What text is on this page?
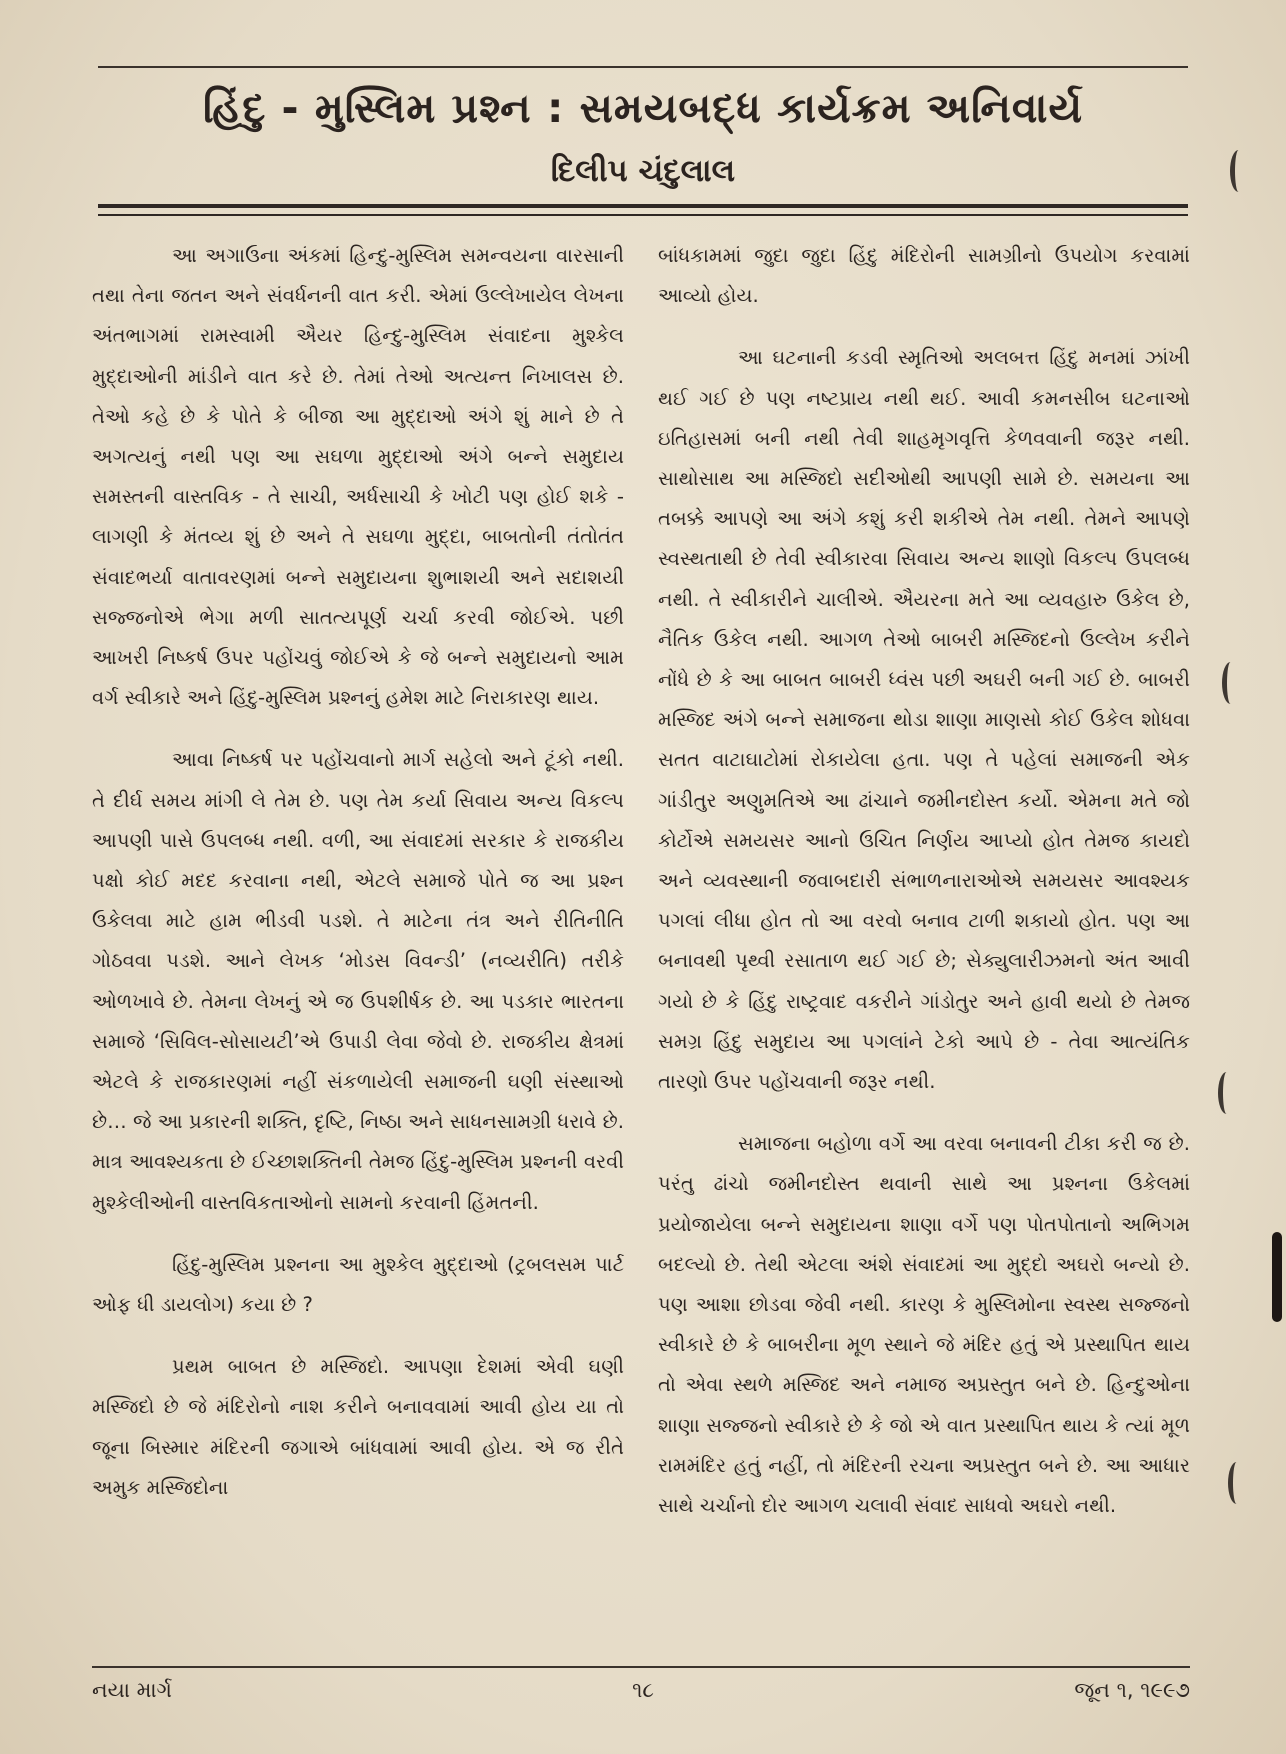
હિંદુ - મુસ્લિમ પ્રશ્ન : સમયબદ્ધ કાર્યક્રમ અનિવાર્ય
દિલીપ ચંદુલાલ

આ અગાઉના અંકમાં હિન્દુ-મુસ્લિમ સમન્વયના વારસાની તથા તેના જતન અને સંવર્ધનની વાત કરી. એમાં ઉલ્લેખાયેલ લેખના અંતભાગમાં રામસ્વામી ઐયર હિન્દુ-મુસ્લિમ સંવાદના મુશ્કેલ મુદ્દાઓની માંડીને વાત કરે છે. તેમાં તેઓ અત્યન્ત નિખાલસ છે. તેઓ કહે છે કે પોતે કે બીજા આ મુદ્દાઓ અંગે શું માને છે તે અગત્યનું નથી પણ આ સઘળા મુદ્દાઓ અંગે બન્ને સમુદાય સમસ્તની વાસ્તવિક - તે સાચી, અર્ધસાચી કે ખોટી પણ હોઈ શકે - લાગણી કે મંતવ્ય શું છે અને તે સઘળા મુદ્દા, બાબતોની તંતોતંત સંવાદભર્યા વાતાવરણમાં બન્ને સમુદાયના શુભાશયી અને સદાશયી સજ્જનોએ ભેગા મળી સાતત્યપૂર્ણ ચર્ચા કરવી જોઈએ. પછી આખરી નિષ્કર્ષ ઉપર પહોંચવું જોઈએ કે જે બન્ને સમુદાયનો આમ વર્ગ સ્વીકારે અને હિંદુ-મુસ્લિમ પ્રશ્નનું હમેશ માટે નિરાકારણ થાય.

આવા નિષ્કર્ષ પર પહોંચવાનો માર્ગ સહેલો અને ટૂંકો નથી. તે દીર્ઘ સમય માંગી લે તેમ છે. પણ તેમ કર્યા સિવાય અન્ય વિકલ્પ આપણી પાસે ઉપલબ્ધ નથી. વળી, આ સંવાદમાં સરકાર કે રાજકીય પક્ષો કોઈ મદદ કરવાના નથી, એટલે સમાજે પોતે જ આ પ્રશ્ન ઉકેલવા માટે હામ ભીડવી પડશે. તે માટેના તંત્ર અને રીતિનીતિ ગોઠવવા પડશે. આને લેખક ‘મોડસ વિવન્ડી’ (નવ્યરીતિ) તરીકે ઓળખાવે છે. તેમના લેખનું એ જ ઉપશીર્ષક છે. આ પડકાર ભારતના સમાજે ‘સિવિલ-સોસાયટી’એ ઉપાડી લેવા જેવો છે. રાજકીય ક્ષેત્રમાં એટલે કે રાજકારણમાં નહીં સંકળાયેલી સમાજની ઘણી સંસ્થાઓ છે… જે આ પ્રકારની શક્તિ, દૃષ્ટિ, નિષ્ઠા અને સાધનસામગ્રી ધરાવે છે. માત્ર આવશ્યકતા છે ઈચ્છાશક્તિની તેમજ હિંદુ-મુસ્લિમ પ્રશ્નની વરવી મુશ્કેલીઓની વાસ્તવિકતાઓનો સામનો કરવાની હિંમતની.

હિંદુ-મુસ્લિમ પ્રશ્નના આ મુશ્કેલ મુદ્દાઓ (ટ્રબલસમ પાર્ટ ઓફ ધી ડાયલોગ) કયા છે ?

પ્રથમ બાબત છે મસ્જિદો. આપણા દેશમાં એવી ઘણી મસ્જિદો છે જે મંદિરોનો નાશ કરીને બનાવવામાં આવી હોય યા તો જૂના બિસ્માર મંદિરની જગાએ બાંધવામાં આવી હોય. એ જ રીતે અમુક મસ્જિદોના

બાંધકામમાં જુદા જુદા હિંદુ મંદિરોની સામગ્રીનો ઉપયોગ કરવામાં આવ્યો હોય.

આ ઘટનાની કડવી સ્મૃતિઓ અલબત્ત હિંદુ મનમાં ઝાંખી થઈ ગઈ છે પણ નષ્ટપ્રાય નથી થઈ. આવી કમનસીબ ઘટનાઓ ઇતિહાસમાં બની નથી તેવી શાહમૃગવૃત્તિ કેળવવાની જરૂર નથી. સાથોસાથ આ મસ્જિદો સદીઓથી આપણી સામે છે. સમયના આ તબક્કે આપણે આ અંગે કશું કરી શકીએ તેમ નથી. તેમને આપણે સ્વસ્થતાથી છે તેવી સ્વીકારવા સિવાય અન્ય શાણો વિકલ્પ ઉપલબ્ધ નથી. તે સ્વીકારીને ચાલીએ. ઐયરના મતે આ વ્યવહારુ ઉકેલ છે, નૈતિક ઉકેલ નથી. આગળ તેઓ બાબરી મસ્જિદનો ઉલ્લેખ કરીને નોંધે છે કે આ બાબત બાબરી ધ્વંસ પછી અઘરી બની ગઈ છે. બાબરી મસ્જિદ અંગે બન્ને સમાજના થોડા શાણા માણસો કોઈ ઉકેલ શોધવા સતત વાટાઘાટોમાં રોકાયેલા હતા. પણ તે પહેલાં સમાજની એક ગાંડીતુર અણુમતિએ આ ઢાંચાને જમીનદોસ્ત કર્યો. એમના મતે જો કોર્ટોએ સમયસર આનો ઉચિત નિર્ણય આપ્યો હોત તેમજ કાયદો અને વ્યવસ્થાની જવાબદારી સંભાળનારાઓએ સમયસર આવશ્યક પગલાં લીધા હોત તો આ વરવો બનાવ ટાળી શકાયો હોત. પણ આ બનાવથી પૃથ્વી રસાતાળ થઈ ગઈ છે; સેક્યુલારીઝમનો અંત આવી ગયો છે કે હિંદુ રાષ્ટ્રવાદ વકરીને ગાંડોતુર અને હાવી થયો છે તેમજ સમગ્ર હિંદુ સમુદાય આ પગલાંને ટેકો આપે છે - તેવા આત્યંતિક તારણો ઉપર પહોંચવાની જરૂર નથી.

સમાજના બહોળા વર્ગે આ વરવા બનાવની ટીકા કરી જ છે. પરંતુ ઢાંચો જમીનદોસ્ત થવાની સાથે આ પ્રશ્નના ઉકેલમાં પ્રયોજાયેલા બન્ને સમુદાયના શાણા વર્ગે પણ પોતપોતાનો અભિગમ બદલ્યો છે. તેથી એટલા અંશે સંવાદમાં આ મુદ્દો અઘરો બન્યો છે. પણ આશા છોડવા જેવી નથી. કારણ કે મુસ્લિમોના સ્વસ્થ સજ્જનો સ્વીકારે છે કે બાબરીના મૂળ સ્થાને જે મંદિર હતું એ પ્રસ્થાપિત થાય તો એવા સ્થળે મસ્જિદ અને નમાજ અપ્રસ્તુત બને છે. હિન્દુઓના શાણા સજ્જનો સ્વીકારે છે કે જો એ વાત પ્રસ્થાપિત થાય કે ત્યાં મૂળ રામમંદિર હતું નહીં, તો મંદિરની રચના અપ્રસ્તુત બને છે. આ આધાર સાથે ચર્ચાનો દોર આગળ ચલાવી સંવાદ સાધવો અઘરો નથી.

નયા માર્ગ	૧૮	જૂન ૧, ૧૯૯૭
